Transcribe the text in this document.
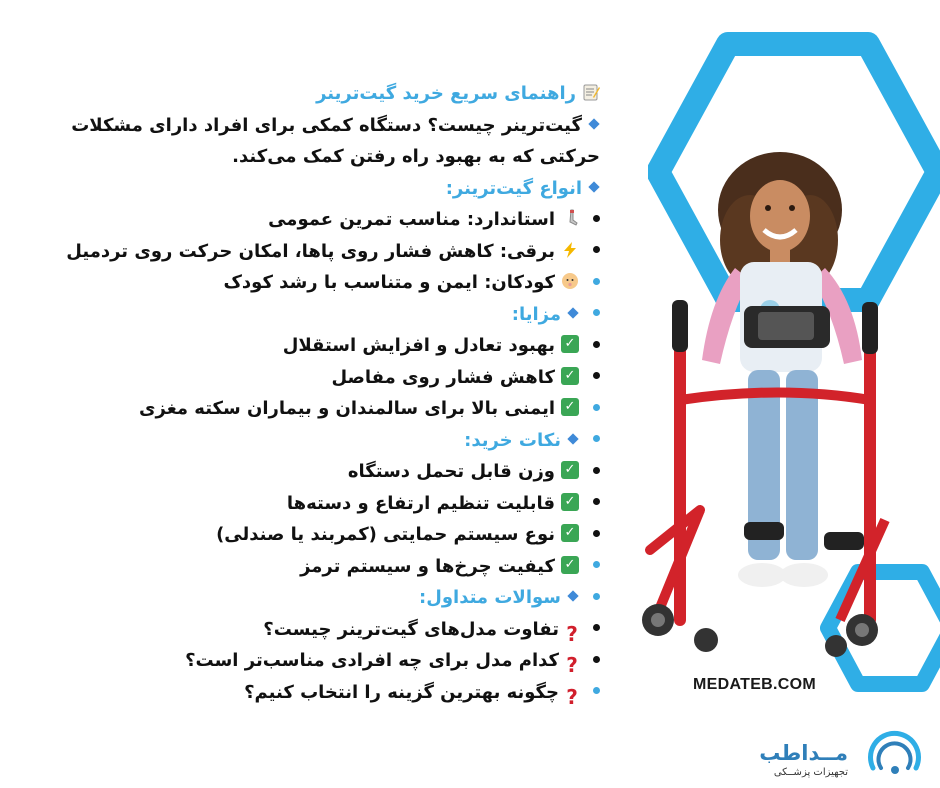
MEDATEB.COM
مــداطب
تجهیزات پزشــکی
راهنمای سریع خرید گیت‌ترینر
گیت‌ترینر چیست؟ دستگاه کمکی برای افراد دارای مشکلات حرکتی که به بهبود راه رفتن کمک می‌کند.
انواع گیت‌ترینر:
استاندارد: مناسب تمرین عمومی
برقی: کاهش فشار روی پاها، امکان حرکت روی تردمیل
کودکان: ایمن و متناسب با رشد کودک
مزایا:
✓بهبود تعادل و افزایش استقلال
✓کاهش فشار روی مفاصل
✓ایمنی بالا برای سالمندان و بیماران سکته مغزی
نکات خرید:
✓وزن قابل تحمل دستگاه
✓قابلیت تنظیم ارتفاع و دسته‌ها
✓نوع سیستم حمایتی (کمربند یا صندلی)
✓کیفیت چرخ‌ها و سیستم ترمز
سوالات متداول:
?تفاوت مدل‌های گیت‌ترینر چیست؟
?کدام مدل برای چه افرادی مناسب‌تر است؟
?چگونه بهترین گزینه را انتخاب کنیم؟
